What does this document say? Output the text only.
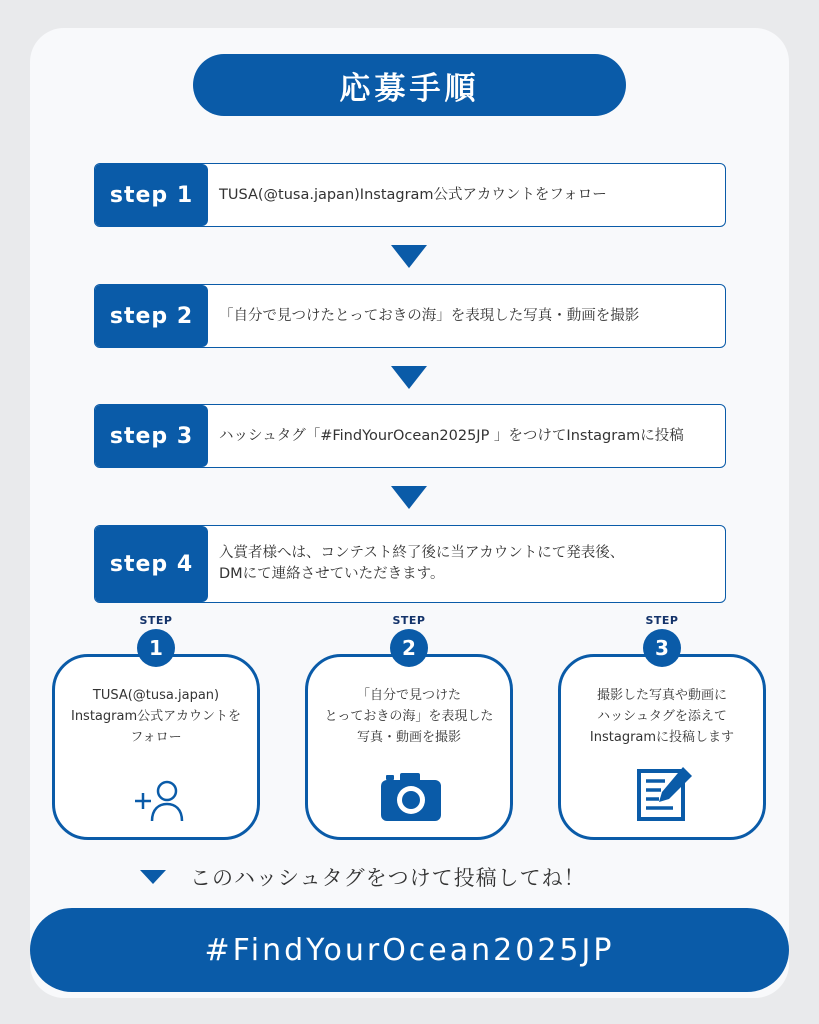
応募手順
step 1	TUSA(@tusa.japan)Instagram公式アカウントをフォロー
step 2	「自分で見つけたとっておきの海」を表現した写真・動画を撮影
step 3	ハッシュタグ「#FindYourOcean2025JP 」をつけてInstagramに投稿
step 4	入賞者様へは、コンテスト終了後に当アカウントにて発表後、
DMにて連絡させていただきます。
TUSA(@tusa.japan)
Instagram公式アカウントを
フォロー
STEP
1
「自分で見つけた
とっておきの海」を表現した
写真・動画を撮影
STEP
2
撮影した写真や動画に
ハッシュタグを添えて
Instagramに投稿します
STEP
3
このハッシュタグをつけて投稿してね！
#FindYourOcean2025JP
